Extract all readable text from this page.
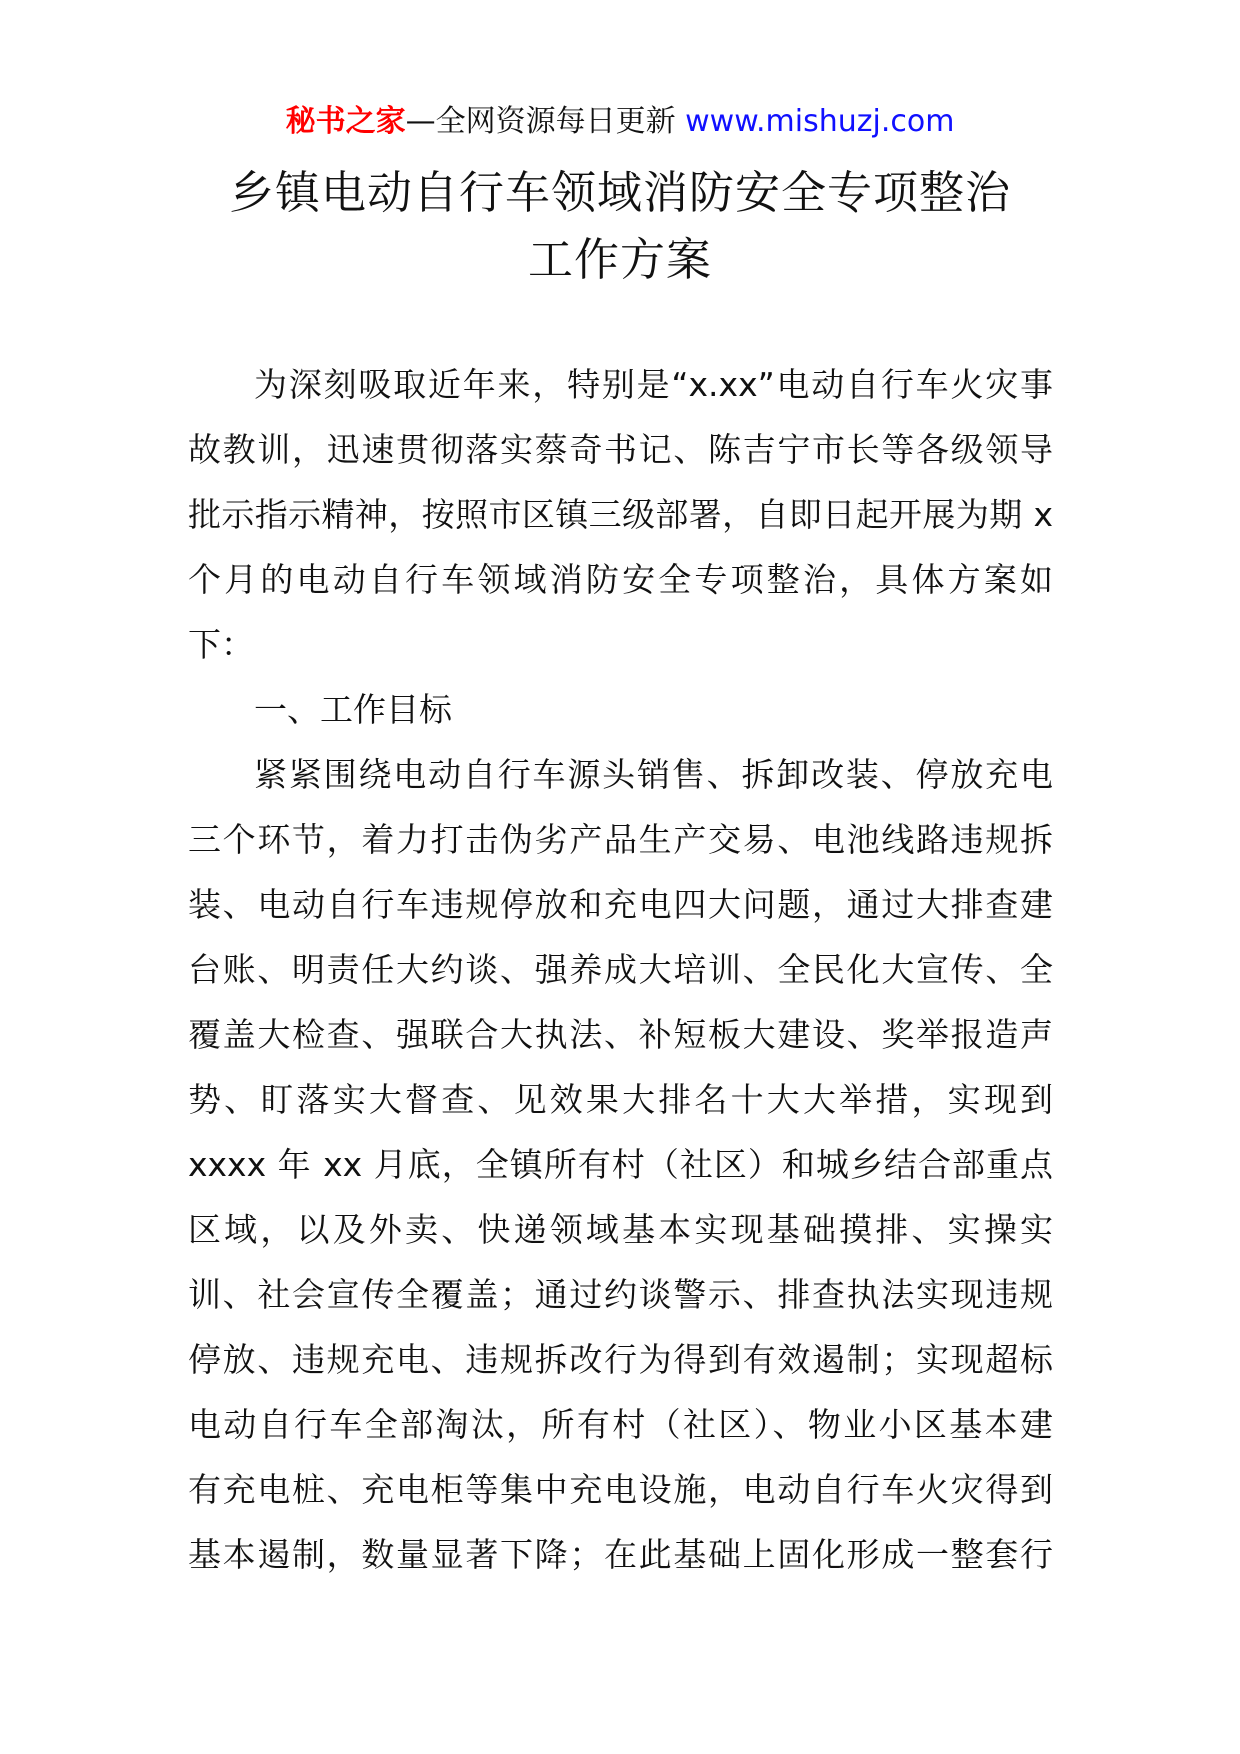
秘书之家—全网资源每日更新 www.mishuzj.com
乡镇电动自行车领域消防安全专项整治
工作方案
为深刻吸取近年来，特别是“x.xx”电动自行车火灾事
故教训，迅速贯彻落实蔡奇书记、陈吉宁市长等各级领导
批示指示精神，按照市区镇三级部署，自即日起开展为期 x
个月的电动自行车领域消防安全专项整治，具体方案如
下：
一、工作目标
紧紧围绕电动自行车源头销售、拆卸改装、停放充电
三个环节，着力打击伪劣产品生产交易、电池线路违规拆
装、电动自行车违规停放和充电四大问题，通过大排查建
台账、明责任大约谈、强养成大培训、全民化大宣传、全
覆盖大检查、强联合大执法、补短板大建设、奖举报造声
势、盯落实大督查、见效果大排名十大大举措，实现到
xxxx 年 xx 月底，全镇所有村（社区）和城乡结合部重点
区域，以及外卖、快递领域基本实现基础摸排、实操实
训、社会宣传全覆盖；通过约谈警示、排查执法实现违规
停放、违规充电、违规拆改行为得到有效遏制；实现超标
电动自行车全部淘汰，所有村（社区）、物业小区基本建
有充电桩、充电柜等集中充电设施，电动自行车火灾得到
基本遏制，数量显著下降；在此基础上固化形成一整套行
